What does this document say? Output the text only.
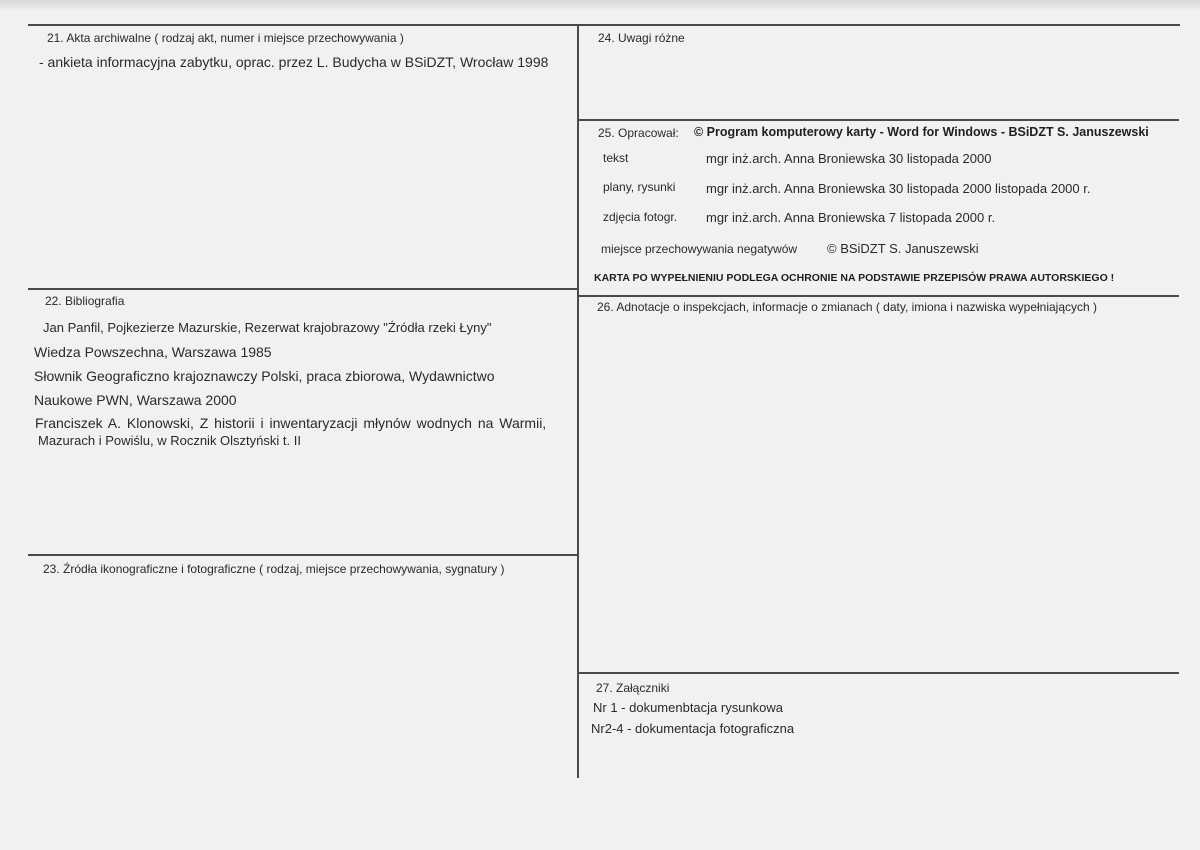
21. Akta archiwalne ( rodzaj akt, numer i miejsce przechowywania )
- ankieta informacyjna zabytku, oprac. przez L. Budycha w BSiDZT, Wrocław 1998
22. Bibliografia
Jan Panfil, Pojkezierze Mazurskie, Rezerwat krajobrazowy "Źródła rzeki Łyny"
Wiedza Powszechna, Warszawa 1985
Słownik Geograficzno krajoznawczy Polski, praca zbiorowa, Wydawnictwo
Naukowe PWN, Warszawa 2000
Franciszek A. Klonowski, Z historii i inwentaryzacji młynów wodnych na Warmii,
Mazurach i Powiślu, w Rocznik Olsztyński t. II
23. Źródła ikonograficzne i fotograficzne ( rodzaj, miejsce przechowywania, sygnatury )
24. Uwagi różne
25. Opracował: © Program komputerowy karty - Word for Windows - BSiDZT S. Januszewski
tekst	mgr inż.arch. Anna Broniewska 30 listopada 2000
plany, rysunki mgr inż.arch. Anna Broniewska 30 listopada 2000 listopada 2000 r.
zdjęcia fotogr. mgr inż.arch. Anna Broniewska 7 listopada 2000 r.
miejsce przechowywania negatywów © BSiDZT S. Januszewski
KARTA PO WYPEŁNIENIU PODLEGA OCHRONIE NA PODSTAWIE PRZEPISÓW PRAWA AUTORSKIEGO !
26. Adnotacje o inspekcjach, informacje o zmianach ( daty, imiona i nazwiska wypełniających )
27. Załączniki
Nr 1 - dokumenbtacja rysunkowa
Nr2-4 - dokumentacja fotograficzna
